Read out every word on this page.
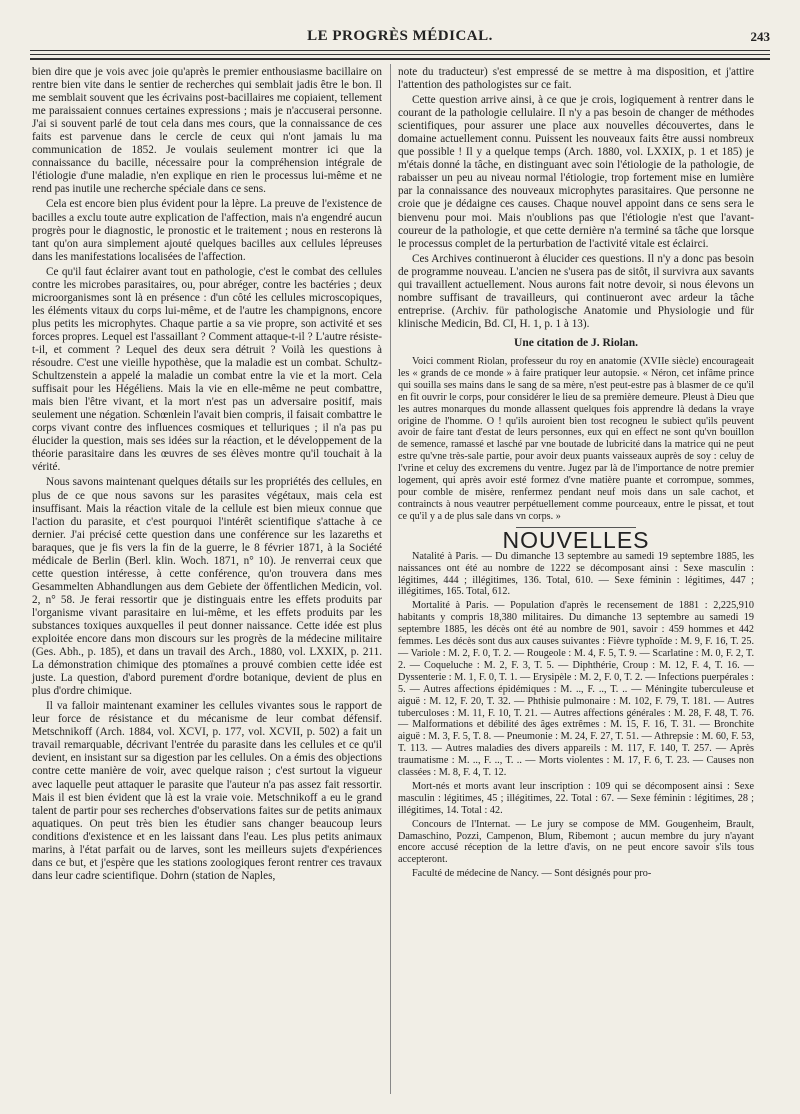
LE PROGRÈS MÉDICAL.	243

bien dire que je vois avec joie qu'après le premier enthousiasme bacillaire on rentre bien vite dans le sentier de recherches qui semblait jadis être le bon. Il me semblait souvent que les écrivains post-bacillaires me copiaient, tellement me paraissaient connues certaines expressions ; mais je n'accuserai personne. J'ai si souvent parlé de tout cela dans mes cours, que la connaissance de ces faits est parvenue dans le cercle de ceux qui n'ont jamais lu ma communication de 1852. Je voulais seulement montrer ici que la connaissance du bacille, nécessaire pour la compréhension intégrale de l'étiologie d'une maladie, n'en explique en rien le processus lui-même et ne rend pas inutile une recherche spéciale dans ce sens.

Cela est encore bien plus évident pour la lèpre. La preuve de l'existence de bacilles a exclu toute autre explication de l'affection, mais n'a engendré aucun progrès pour le diagnostic, le pronostic et le traitement ; nous en resterons là tant qu'on aura simplement ajouté quelques bacilles aux cellules lépreuses dans les manifestations localisées de l'affection.

Ce qu'il faut éclairer avant tout en pathologie, c'est le combat des cellules contre les microbes parasitaires, ou, pour abréger, contre les bactéries ; deux microorganismes sont là en présence : d'un côté les cellules microscopiques, les éléments vitaux du corps lui-même, et de l'autre les champignons, encore plus petits les microphytes. Chaque partie a sa vie propre, son activité et ses forces propres. Lequel est l'assaillant ? Comment attaque-t-il ? L'autre résiste-t-il, et comment ? Lequel des deux sera détruit ? Voilà les questions à résoudre. C'est une vieille hypothèse, que la maladie est un combat. Schultz-Schultzenstein a appelé la maladie un combat entre la vie et la mort. Cela suffisait pour les Hégéliens. Mais la vie en elle-même ne peut combattre, mais bien l'être vivant, et la mort n'est pas un adversaire positif, mais seulement une négation. Schœnlein l'avait bien compris, il faisait combattre le corps vivant contre des influences cosmiques et telluriques ; il n'a pas pu élucider la question, mais ses idées sur la réaction, et le développement de la théorie parasitaire dans les œuvres de ses élèves montre qu'il touchait à la vérité.

Nous savons maintenant quelques détails sur les propriétés des cellules, en plus de ce que nous savons sur les parasites végétaux, mais cela est insuffisant. Mais la réaction vitale de la cellule est bien mieux connue que l'action du parasite, et c'est pourquoi l'intérêt scientifique s'attache à ce dernier. J'ai précisé cette question dans une conférence sur les lazareths et baraques, que je fis vers la fin de la guerre, le 8 février 1871, à la Société médicale de Berlin (Berl. klin. Woch. 1871, n° 10). Je renverrai ceux que cette question intéresse, à cette conférence, qu'on trouvera dans mes Gesammelten Abhandlungen aus dem Gebiete der öffentlichen Medicin, vol. 2, n° 58. Je ferai ressortir que je distinguais entre les effets produits par l'organisme vivant parasitaire en lui-même, et les effets produits par les substances toxiques auxquelles il peut donner naissance. Cette idée est plus exploitée encore dans mon discours sur les progrès de la médecine militaire (Ges. Abh., p. 185), et dans un travail des Arch., 1880, vol. LXXIX, p. 211. La démonstration chimique des ptomaïnes a prouvé combien cette idée est juste. La question, d'abord purement d'ordre botanique, devient de plus en plus d'ordre chimique.

Il va falloir maintenant examiner les cellules vivantes sous le rapport de leur force de résistance et du mécanisme de leur combat défensif. Metschnikoff (Arch. 1884, vol. XCVI, p. 177, vol. XCVII, p. 502) a fait un travail remarquable, décrivant l'entrée du parasite dans les cellules et ce qu'il devient, en insistant sur sa digestion par les cellules. On a émis des objections contre cette manière de voir, avec quelque raison ; c'est surtout la vigueur avec laquelle peut attaquer le parasite que l'auteur n'a pas assez fait ressortir. Mais il est bien évident que là est la vraie voie. Metschnikoff a eu le grand talent de partir pour ses recherches d'observations faites sur de petits animaux aquatiques. On peut très bien les étudier sans changer beaucoup leurs conditions d'existence et en les laissant dans l'eau. Les plus petits animaux marins, à l'état parfait ou de larves, sont les meilleurs sujets d'expériences dans ce but, et j'espère que les stations zoologiques feront rentrer ces travaux dans leur cadre scientifique. Dohrn (station de Naples,

note du traducteur) s'est empressé de se mettre à ma disposition, et j'attire l'attention des pathologistes sur ce fait.

Cette question arrive ainsi, à ce que je crois, logiquement à rentrer dans le courant de la pathologie cellulaire. Il n'y a pas besoin de changer de méthodes scientifiques, pour assurer une place aux nouvelles découvertes, dans le domaine actuellement connu. Puissent les nouveaux faits être aussi nombreux que possible ! Il y a quelque temps (Arch. 1880, vol. LXXIX, p. 1 et 185) je m'étais donné la tâche, en distinguant avec soin l'étiologie de la pathologie, de rabaisser un peu au niveau normal l'étiologie, trop fortement mise en lumière par la connaissance des nouveaux microphytes parasitaires. Que personne ne croie que je dédaigne ces causes. Chaque nouvel appoint dans ce sens sera le bienvenu pour moi. Mais n'oublions pas que l'étiologie n'est que l'avant-coureur de la pathologie, et que cette dernière n'a terminé sa tâche que lorsque le processus complet de la perturbation de l'activité vitale est éclairci.

Ces Archives continueront à élucider ces questions. Il n'y a donc pas besoin de programme nouveau. L'ancien ne s'usera pas de sitôt, il survivra aux savants qui travaillent actuellement. Nous aurons fait notre devoir, si nous élevons un nombre suffisant de travailleurs, qui continueront avec ardeur la tâche entreprise. (Archiv. für pathologische Anatomie und Physiologie und für klinische Medicin, Bd. CI, H. 1, p. 1 à 13).

Une citation de J. Riolan.

Voici comment Riolan, professeur du roy en anatomie (XVIIe siècle) encourageait les « grands de ce monde » à faire pratiquer leur autopsie. « Néron, cet infâme prince qui souilla ses mains dans le sang de sa mère, n'est peut-estre pas à blasmer de ce qu'il en fit ouvrir le corps, pour considérer le lieu de sa première demeure. Pleust à Dieu que les autres monarques du monde allassent quelques fois apprendre là dedans la vraye origine de l'homme. O ! qu'ils auroient bien tost recogneu le subiect qu'ils peuvent avoir de faire tant d'estat de leurs personnes, eux qui en effect ne sont qu'vn bouillon de semence, ramassé et lasché par vne boutade de lubricité dans la matrice qui ne peut estre qu'vne très-sale partie, pour avoir deux puants vaisseaux auprès de soy : celuy de l'vrine et celuy des excremens du ventre. Jugez par là de l'importance de notre premier logement, qui après avoir esté formez d'vne matière puante et corrompue, sommes, pour comble de misère, renfermez pendant neuf mois dans un sale cachot, et contraincts à nous veautrer perpétuellement comme pourceaux, entre le pissat, et tout ce qu'il y a de plus sale dans vn corps. »

NOUVELLES

Natalité à Paris. — Du dimanche 13 septembre au samedi 19 septembre 1885, les naissances ont été au nombre de 1222 se décomposant ainsi : Sexe masculin : légitimes, 444 ; illégitimes, 136. Total, 610. — Sexe féminin : légitimes, 447 ; illégitimes, 165. Total, 612.

Mortalité à Paris. — Population d'après le recensement de 1881 : 2,225,910 habitants y compris 18,380 militaires. Du dimanche 13 septembre au samedi 19 septembre 1885, les décès ont été au nombre de 901, savoir : 459 hommes et 442 femmes. Les décès sont dus aux causes suivantes : Fièvre typhoïde : M. 9, F. 16, T. 25. — Variole : M. 2, F. 0, T. 2. — Rougeole : M. 4, F. 5, T. 9. — Scarlatine : M. 0, F. 2, T. 2. — Coqueluche : M. 2, F. 3, T. 5. — Diphthérie, Croup : M. 12, F. 4, T. 16. — Dyssenterie : M. 1, F. 0, T. 1. — Erysipèle : M. 2, F. 0, T. 2. — Infections puerpérales : 5. — Autres affections épidémiques : M. .., F. .., T. .. — Méningite tuberculeuse et aiguë : M. 12, F. 20, T. 32. — Phthisie pulmonaire : M. 102, F. 79, T. 181. — Autres tuberculoses : M. 11, F. 10, T. 21. — Autres affections générales : M. 28, F. 48, T. 76. — Malformations et débilité des âges extrêmes : M. 15, F. 16, T. 31. — Bronchite aiguë : M. 3, F. 5, T. 8. — Pneumonie : M. 24, F. 27, T. 51. — Athrepsie : M. 60, F. 53, T. 113. — Autres maladies des divers appareils : M. 117, F. 140, T. 257. — Après traumatisme : M. .., F. .., T. .. — Morts violentes : M. 17, F. 6, T. 23. — Causes non classées : M. 8, F. 4, T. 12.

Mort-nés et morts avant leur inscription : 109 qui se décomposent ainsi : Sexe masculin : légitimes, 45 ; illégitimes, 22. Total : 67. — Sexe féminin : légitimes, 28 ; illégitimes, 14. Total : 42.

Concours de l'Internat. — Le jury se compose de MM. Gougenheim, Brault, Damaschino, Pozzi, Campenon, Blum, Ribemont ; aucun membre du jury n'ayant encore accusé réception de la lettre d'avis, on ne peut encore savoir s'ils tous accepteront.

Faculté de médecine de Nancy. — Sont désignés pour pro-
